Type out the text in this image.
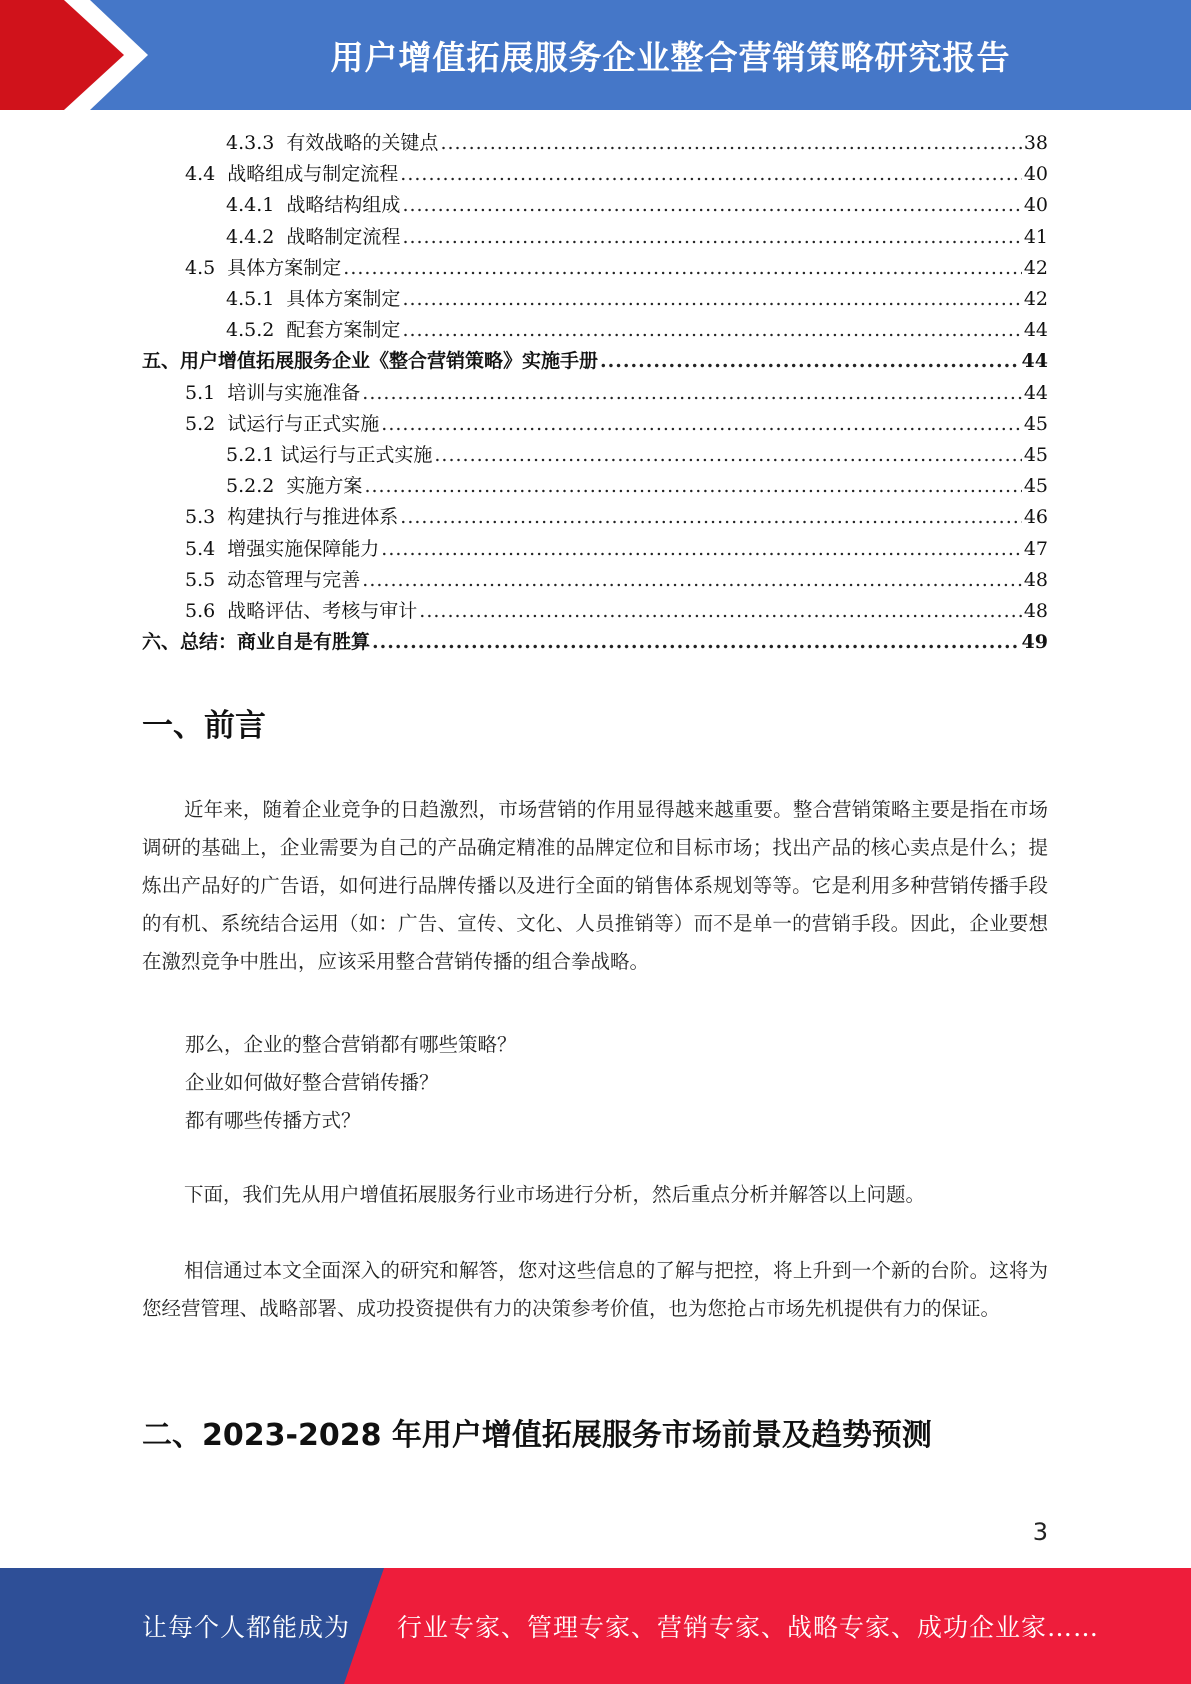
用户增值拓展服务企业整合营销策略研究报告
4.3.3  有效战略的关键点 .....	38
4.4  战略组成与制定流程 .....	40
4.4.1  战略结构组成 .....	40
4.4.2  战略制定流程 .....	41
4.5  具体方案制定 .....	42
4.5.1  具体方案制定 .....	42
4.5.2  配套方案制定 .....	44
五、用户增值拓展服务企业《整合营销策略》实施手册 .....	44
5.1  培训与实施准备 .....	44
5.2  试运行与正式实施 .....	45
5.2.1 试运行与正式实施 .....	45
5.2.2  实施方案 .....	45
5.3  构建执行与推进体系 .....	46
5.4  增强实施保障能力 .....	47
5.5  动态管理与完善 .....	48
5.6  战略评估、考核与审计 .....	48
六、总结：商业自是有胜算 .....	49
一、前言
近年来，随着企业竞争的日趋激烈，市场营销的作用显得越来越重要。整合营销策略主要是指在市场调研的基础上，企业需要为自己的产品确定精准的品牌定位和目标市场；找出产品的核心卖点是什么；提炼出产品好的广告语，如何进行品牌传播以及进行全面的销售体系规划等等。它是利用多种营销传播手段的有机、系统结合运用（如：广告、宣传、文化、人员推销等）而不是单一的营销手段。因此，企业要想在激烈竞争中胜出，应该采用整合营销传播的组合拳战略。
那么，企业的整合营销都有哪些策略？
企业如何做好整合营销传播？
都有哪些传播方式？
下面，我们先从用户增值拓展服务行业市场进行分析，然后重点分析并解答以上问题。
相信通过本文全面深入的研究和解答，您对这些信息的了解与把控，将上升到一个新的台阶。这将为您经营管理、战略部署、成功投资提供有力的决策参考价值，也为您抢占市场先机提供有力的保证。
二、2023-2028 年用户增值拓展服务市场前景及趋势预测
3
让每个人都能成为 行业专家、管理专家、营销专家、战略专家、成功企业家……
